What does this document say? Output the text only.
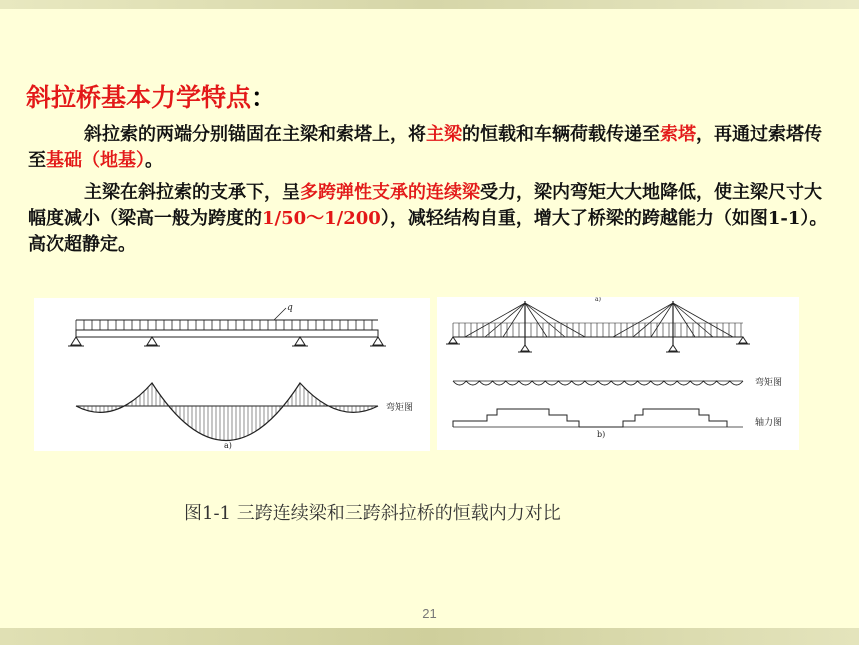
斜拉桥基本力学特点：

斜拉索的两端分别锚固在主梁和索塔上，将主梁的恒载和车辆荷载传递至索塔，再通过索塔传至基础（地基）。

主梁在斜拉索的支承下，呈多跨弹性支承的连续梁受力，梁内弯矩大大地降低，使主梁尺寸大幅度减小（梁高一般为跨度的1/50～1/200），减轻结构自重，增大了桥梁的跨越能力（如图1-1）。高次超静定。

q
弯矩图
a)
a)
弯矩图
轴力图
b)
图1-1 三跨连续梁和三跨斜拉桥的恒载内力对比
21
